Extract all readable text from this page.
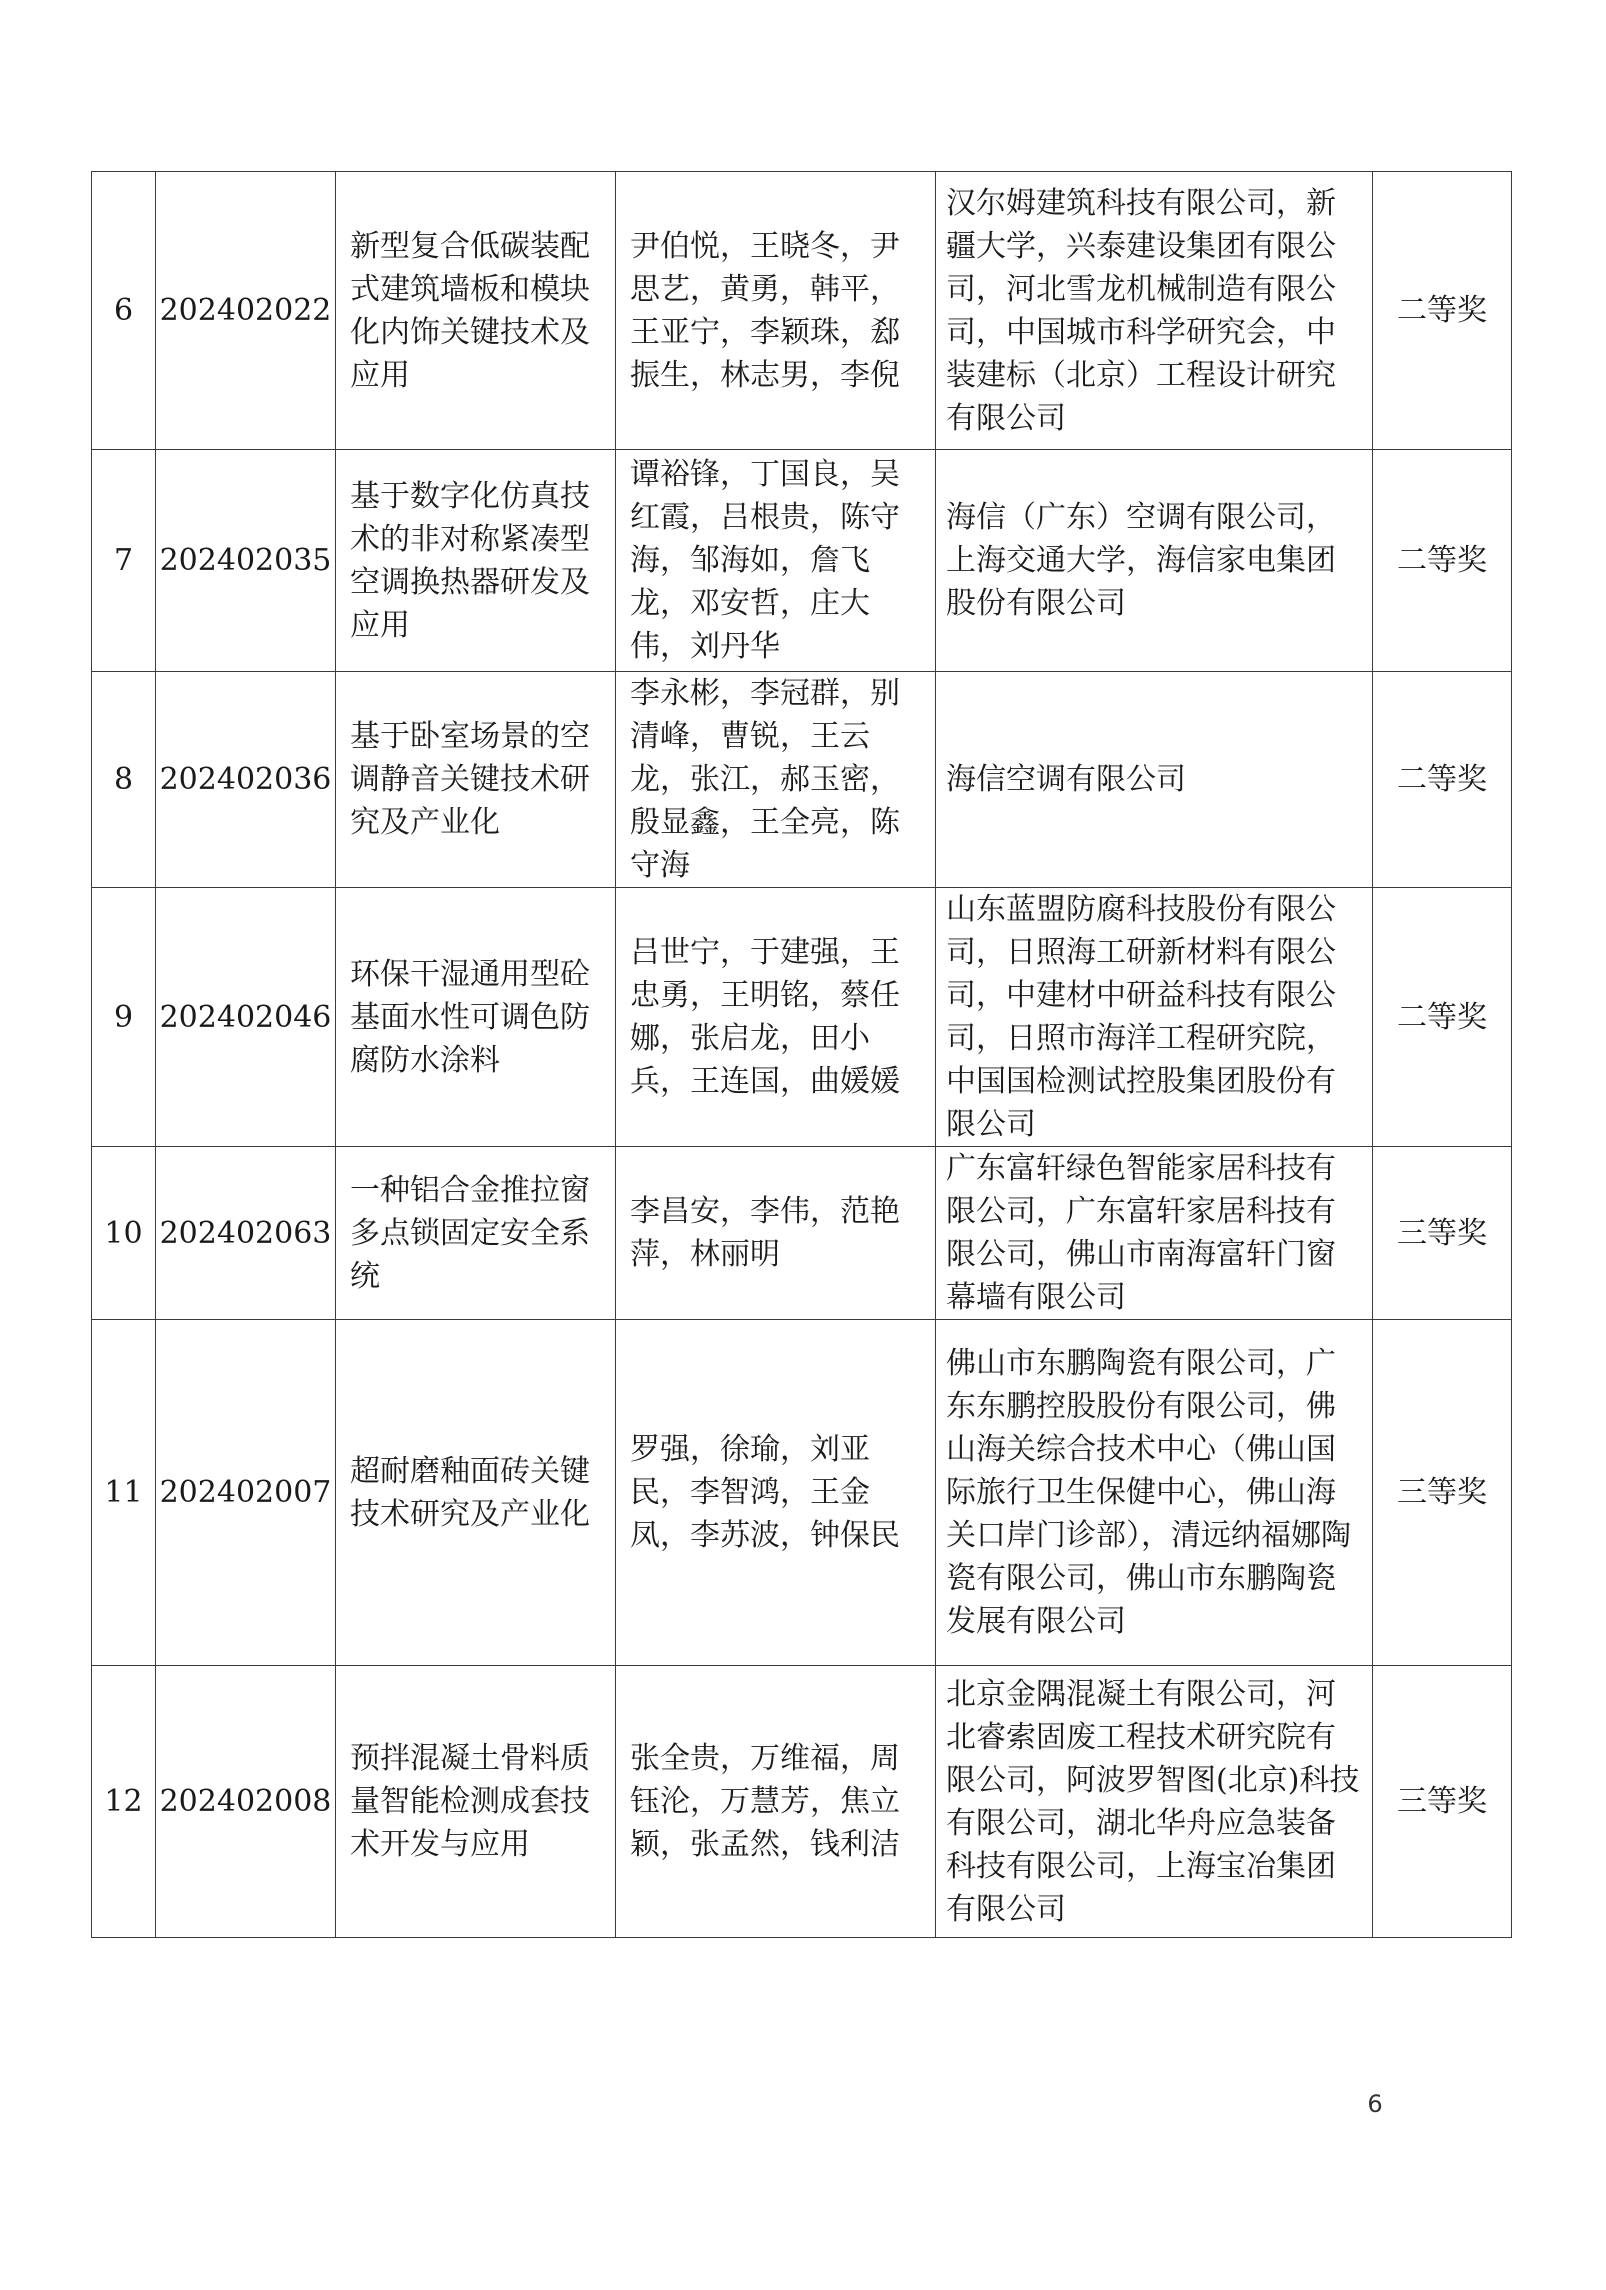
6	202402022	新型复合低碳装配式建筑墙板和模块化内饰关键技术及应用	尹伯悦，王晓冬，尹思艺，黄勇，韩平，王亚宁，李颖珠，郄振生，林志男，李倪	汉尔姆建筑科技有限公司，新疆大学，兴泰建设集团有限公司，河北雪龙机械制造有限公司，中国城市科学研究会，中装建标（北京）工程设计研究有限公司	二等奖

7	202402035	基于数字化仿真技术的非对称紧凑型空调换热器研发及应用	谭裕锋，丁国良，吴红霞，吕根贵，陈守海，邹海如，詹飞龙，邓安哲，庄大伟，刘丹华	海信（广东）空调有限公司，上海交通大学，海信家电集团股份有限公司	二等奖

8	202402036	基于卧室场景的空调静音关键技术研究及产业化	李永彬，李冠群，别清峰，曹锐，王云龙，张江，郝玉密，殷显鑫，王全亮，陈守海	海信空调有限公司	二等奖

9	202402046	环保干湿通用型砼基面水性可调色防腐防水涂料	吕世宁，于建强，王忠勇，王明铭，蔡任娜，张启龙，田小兵，王连国，曲媛媛	山东蓝盟防腐科技股份有限公司，日照海工研新材料有限公司，中建材中研益科技有限公司，日照市海洋工程研究院，中国国检测试控股集团股份有限公司	二等奖

10	202402063	一种铝合金推拉窗多点锁固定安全系统	李昌安，李伟，范艳萍，林丽明	广东富轩绿色智能家居科技有限公司，广东富轩家居科技有限公司，佛山市南海富轩门窗幕墙有限公司	三等奖

11	202402007	超耐磨釉面砖关键技术研究及产业化	罗强，徐瑜，刘亚民，李智鸿，王金凤，李苏波，钟保民	佛山市东鹏陶瓷有限公司，广东东鹏控股股份有限公司，佛山海关综合技术中心（佛山国际旅行卫生保健中心，佛山海关口岸门诊部），清远纳福娜陶瓷有限公司，佛山市东鹏陶瓷发展有限公司	三等奖

12	202402008	预拌混凝土骨料质量智能检测成套技术开发与应用	张全贵，万维福，周钰沦，万慧芳，焦立颖，张孟然，钱利洁	北京金隅混凝土有限公司，河北睿索固废工程技术研究院有限公司，阿波罗智图(北京)科技有限公司，湖北华舟应急装备科技有限公司，上海宝冶集团有限公司	三等奖
6
